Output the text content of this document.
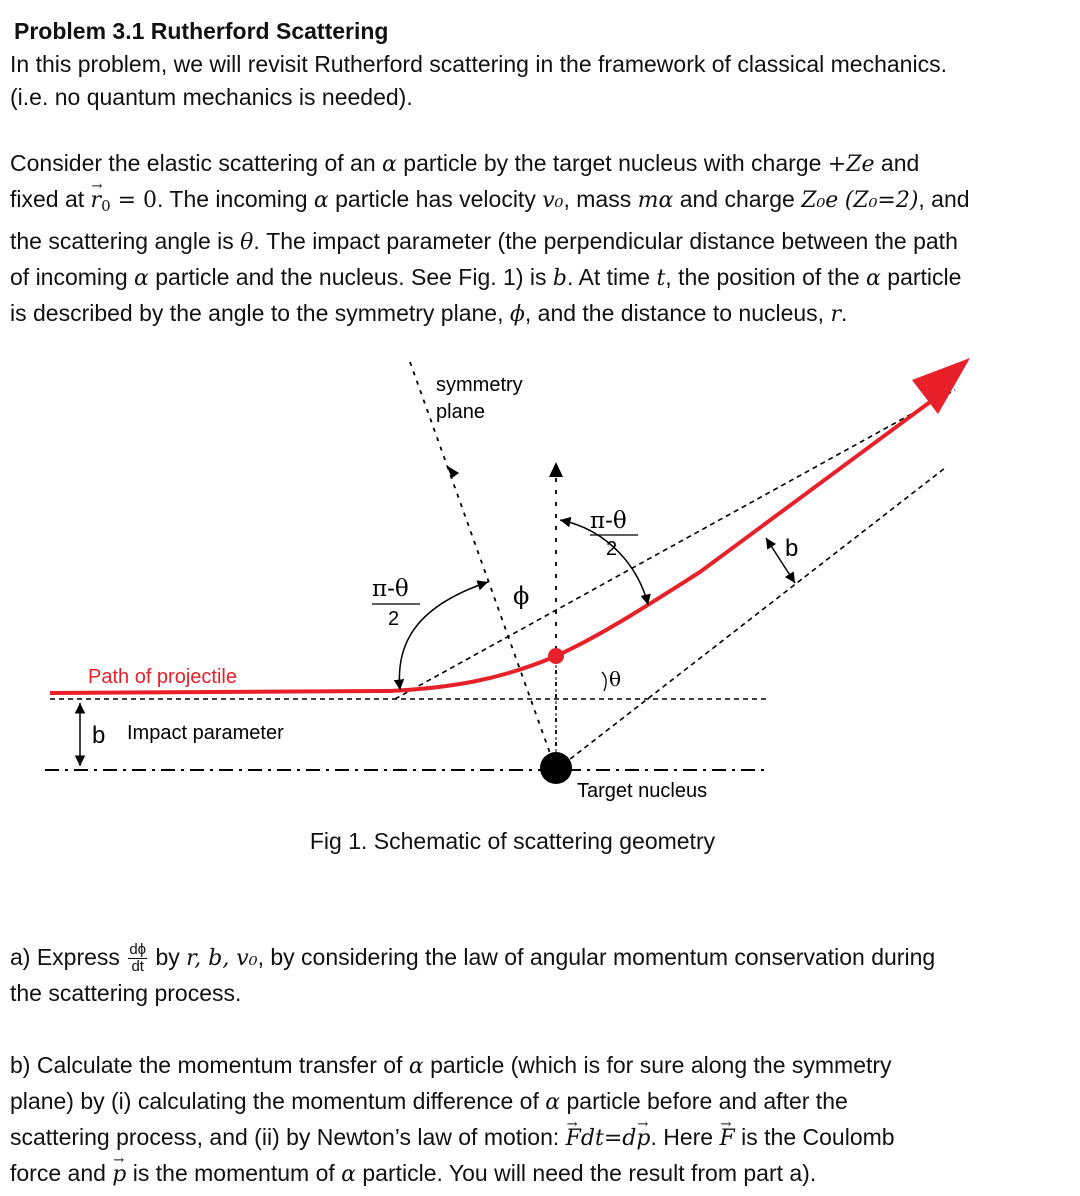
Problem 3.1 Rutherford Scattering
In this problem, we will revisit Rutherford scattering in the framework of classical mechanics.
(i.e. no quantum mechanics is needed).
Consider the elastic scattering of an α particle by the target nucleus with charge +Ze and
fixed at → $r_0 = 0$. The incoming α particle has velocity v₀, mass mα and charge Z₀e (Z₀=2), and
the scattering angle is θ. The impact parameter (the perpendicular distance between the path
of incoming α particle and the nucleus. See Fig. 1) is b. At time t, the position of the α particle
is described by the angle to the symmetry plane, ϕ, and the distance to nucleus, r.
symmetry
plane
π-θ
2
π-θ
2
ϕ
θ
b
b
Path of projectile
Impact parameter
Target nucleus
Fig 1. Schematic of scattering geometry
a) Express $\frac{d\phi}{dt}$ by r, b, v₀, by considering the law of angular momentum conservation during
the scattering process.
b) Calculate the momentum transfer of α particle (which is for sure along the symmetry
plane) by (i) calculating the momentum difference of α particle before and after the
scattering process, and (ii) by Newton’s law of motion: → Fdt=d→ p. Here → F is the Coulomb
force and → p is the momentum of α particle. You will need the result from part a).
